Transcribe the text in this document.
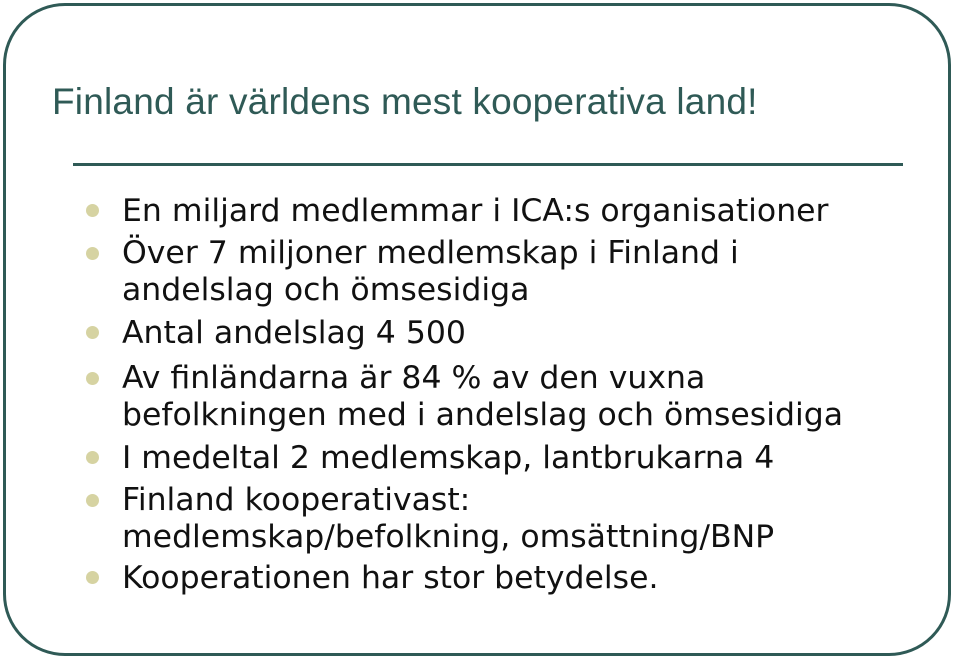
Finland är världens mest kooperativa land!
En miljard medlemmar i ICA:s organisationer
Över 7 miljoner medlemskap i Finland i
andelslag och ömsesidiga
Antal andelslag 4 500
Av finländarna är 84 % av den vuxna
befolkningen med i andelslag och ömsesidiga
I medeltal 2 medlemskap, lantbrukarna 4
Finland kooperativast:
medlemskap/befolkning, omsättning/BNP
Kooperationen har stor betydelse.
